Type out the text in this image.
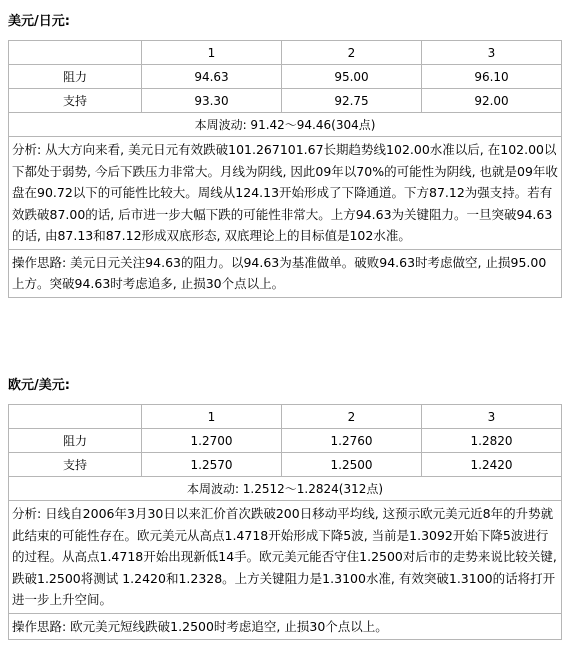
美元/日元:
	1	2	3
阻力	94.63	95.00	96.10
支持	93.30	92.75	92.00
本周波动: 91.42～94.46(304点)			
分析: 从大方向来看, 美元日元有效跌破101.267101.67长期趋势线102.00水准以后, 在102.00以下都处于弱势, 今后下跌压力非常大。月线为阴线, 因此09年以70%的可能性为阴线, 也就是09年收盘在90.72以下的可能性比较大。周线从124.13开始形成了下降通道。下方87.12为强支持。若有效跌破87.00的话, 后市进一步大幅下跌的可能性非常大。上方94.63为关键阻力。一旦突破94.63的话, 由87.13和87.12形成双底形态, 双底理论上的目标值是102水准。			
操作思路: 美元日元关注94.63的阻力。以94.63为基准做单。破败94.63时考虑做空, 止损95.00上方。突破94.63时考虑追多, 止损30个点以上。			
欧元/美元:
	1	2	3
阻力	1.2700	1.2760	1.2820
支持	1.2570	1.2500	1.2420
本周波动: 1.2512～1.2824(312点)			
分析: 日线自2006年3月30日以来汇价首次跌破200日移动平均线, 这预示欧元美元近8年的升势就此结束的可能性存在。欧元美元从高点1.4718开始形成下降5波, 当前是1.3092开始下降5波进行的过程。从高点1.4718开始出现新低14手。欧元美元能否守住1.2500对后市的走势来说比较关键, 跌破1.2500将测试 1.2420和1.2328。上方关键阻力是1.3100水准, 有效突破1.3100的话将打开进一步上升空间。			
操作思路: 欧元美元短线跌破1.2500时考虑追空, 止损30个点以上。			
